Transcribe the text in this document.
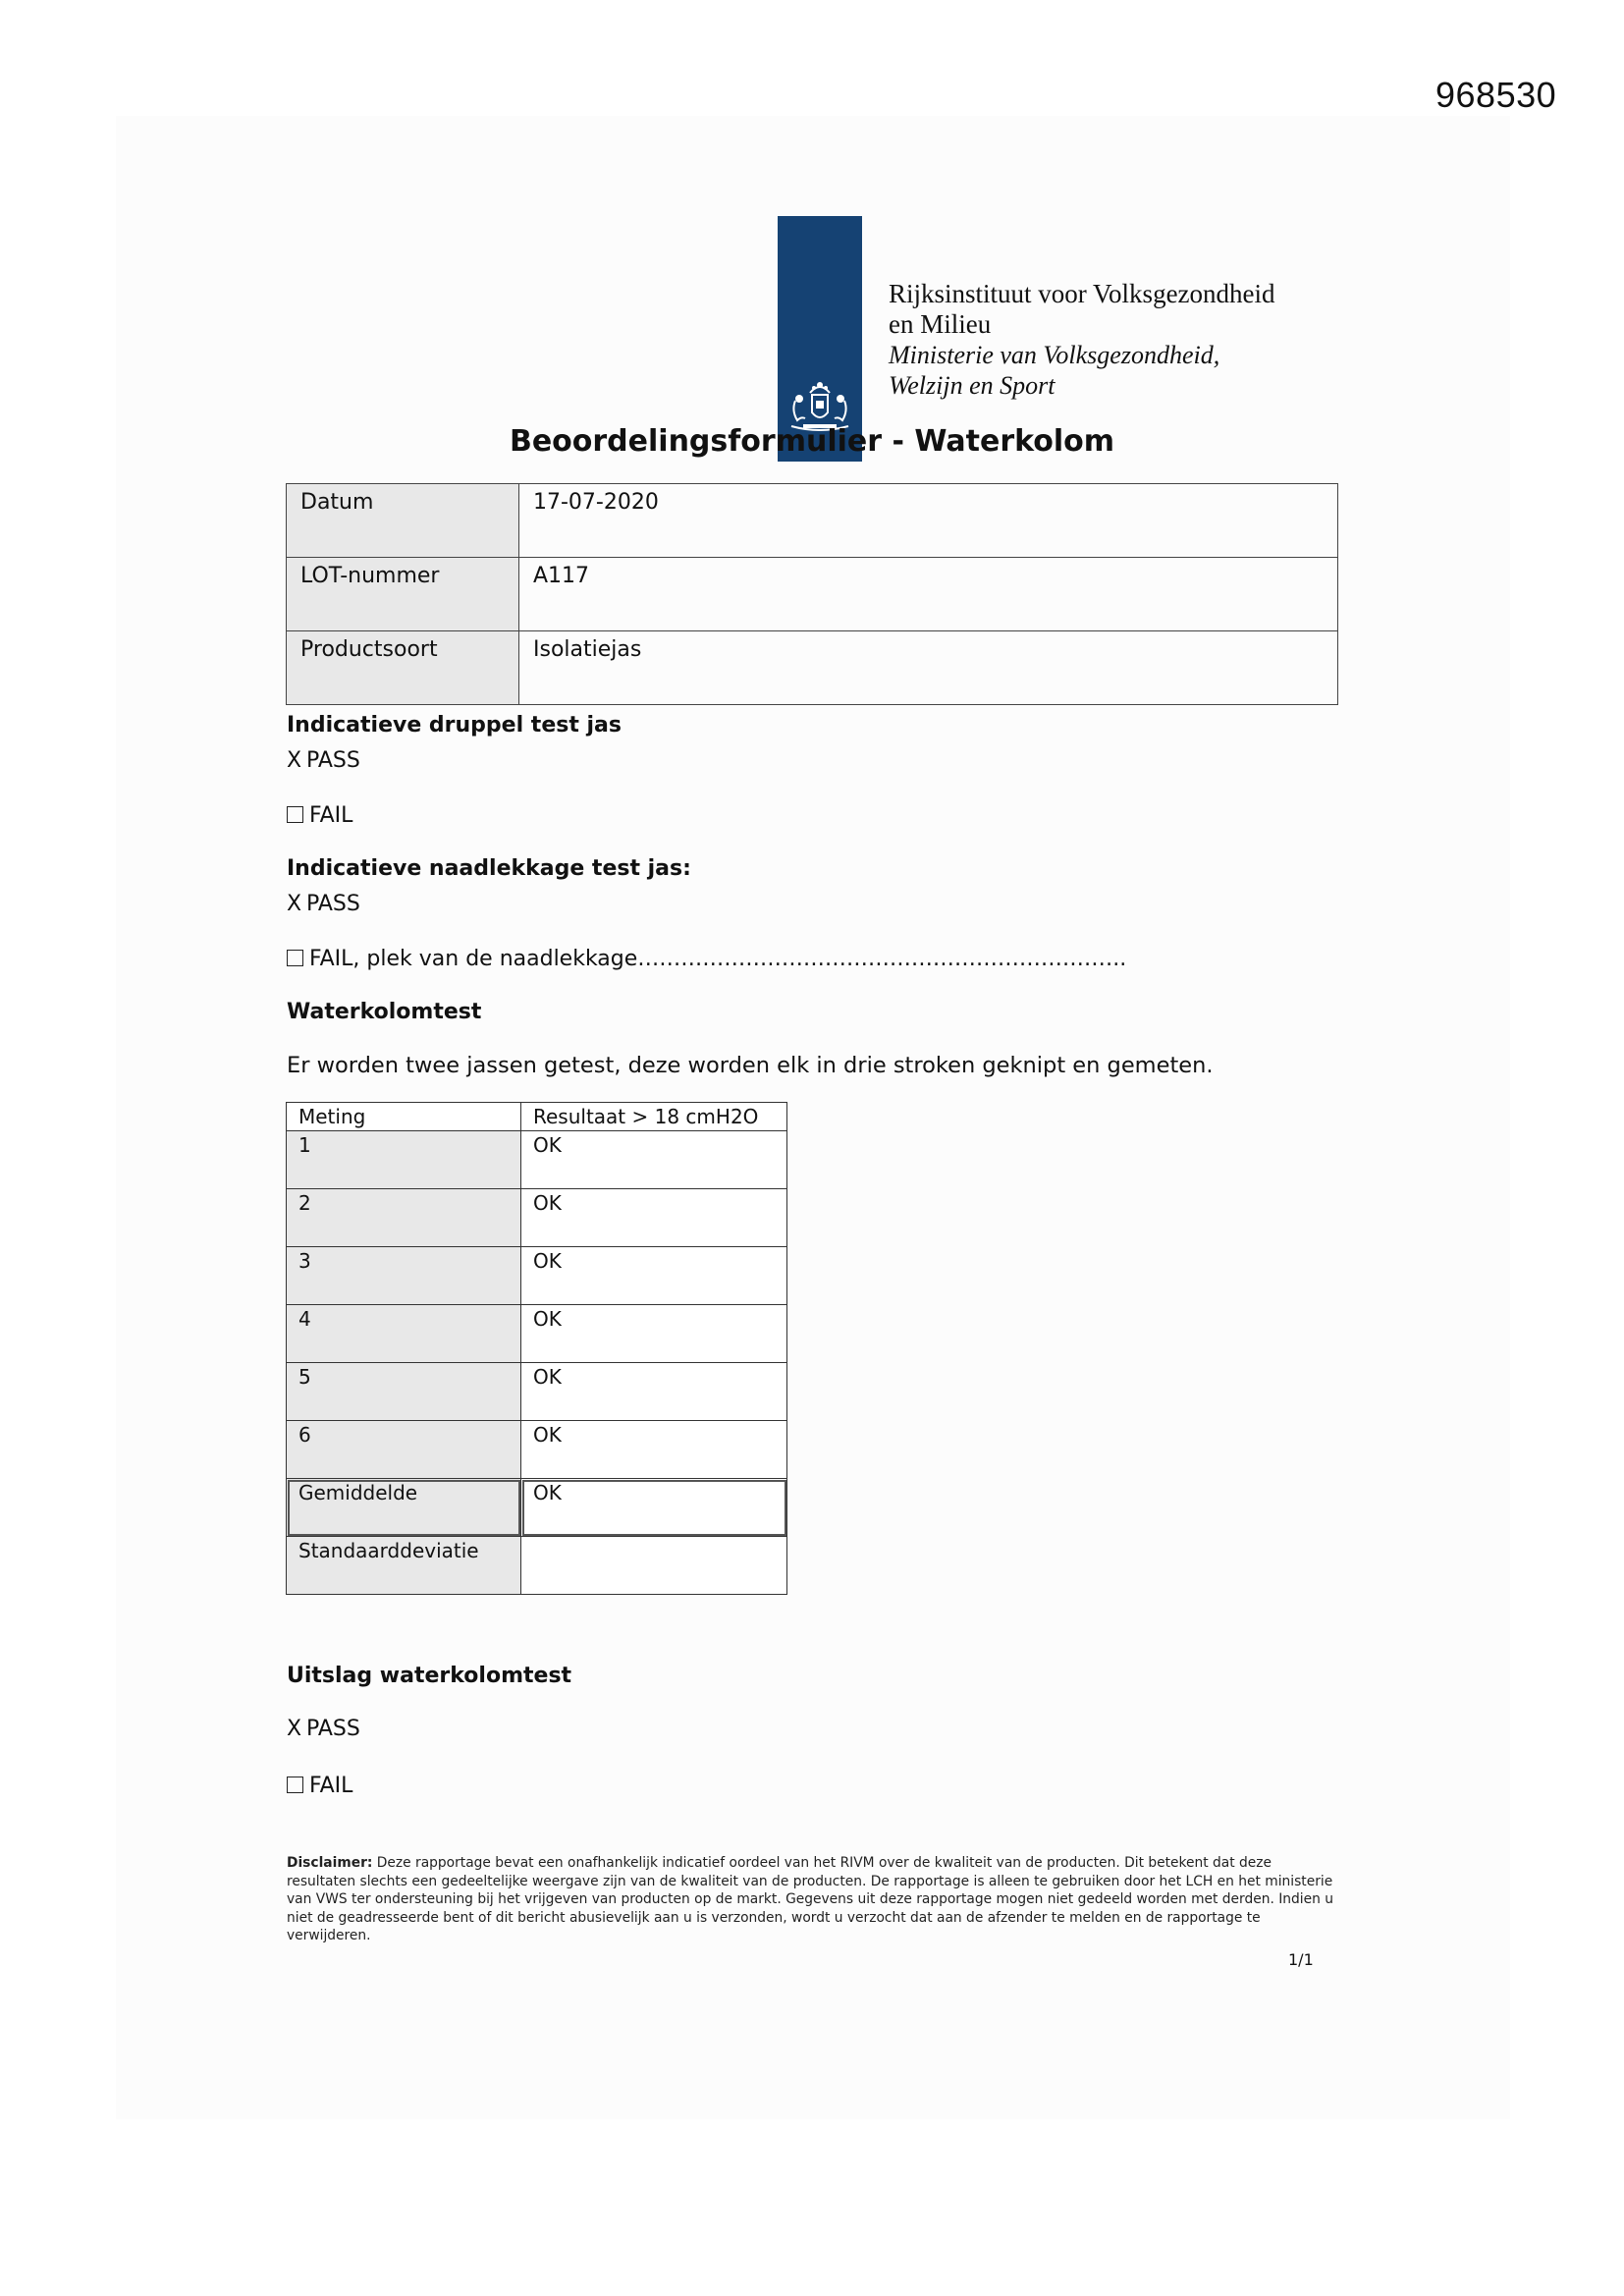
968530
Rijksinstituut voor Volksgezondheid
en Milieu
Ministerie van Volksgezondheid,
Welzijn en Sport
Beoordelingsformulier - Waterkolom
Datum	17-07-2020
LOT-nummer	A117
Productsoort	Isolatiejas
Indicatieve druppel test jas
X PASS
FAIL
Indicatieve naadlekkage test jas:
X PASS
FAIL, plek van de naadlekkage…………………………………………………………..
Waterkolomtest
Er worden twee jassen getest, deze worden elk in drie stroken geknipt en gemeten.
Meting	Resultaat > 18 cmH2O
1	OK
2	OK
3	OK
4	OK
5	OK
6	OK
Gemiddelde	OK
Standaarddeviatie	
Uitslag waterkolomtest
X PASS
FAIL
Disclaimer: Deze rapportage bevat een onafhankelijk indicatief oordeel van het RIVM over de kwaliteit van de producten. Dit betekent dat deze resultaten slechts een gedeeltelijke weergave zijn van de kwaliteit van de producten. De rapportage is alleen te gebruiken door het LCH en het ministerie van VWS ter ondersteuning bij het vrijgeven van producten op de markt. Gegevens uit deze rapportage mogen niet gedeeld worden met derden. Indien u niet de geadresseerde bent of dit bericht abusievelijk aan u is verzonden, wordt u verzocht dat aan de afzender te melden en de rapportage te verwijderen.
1/1
